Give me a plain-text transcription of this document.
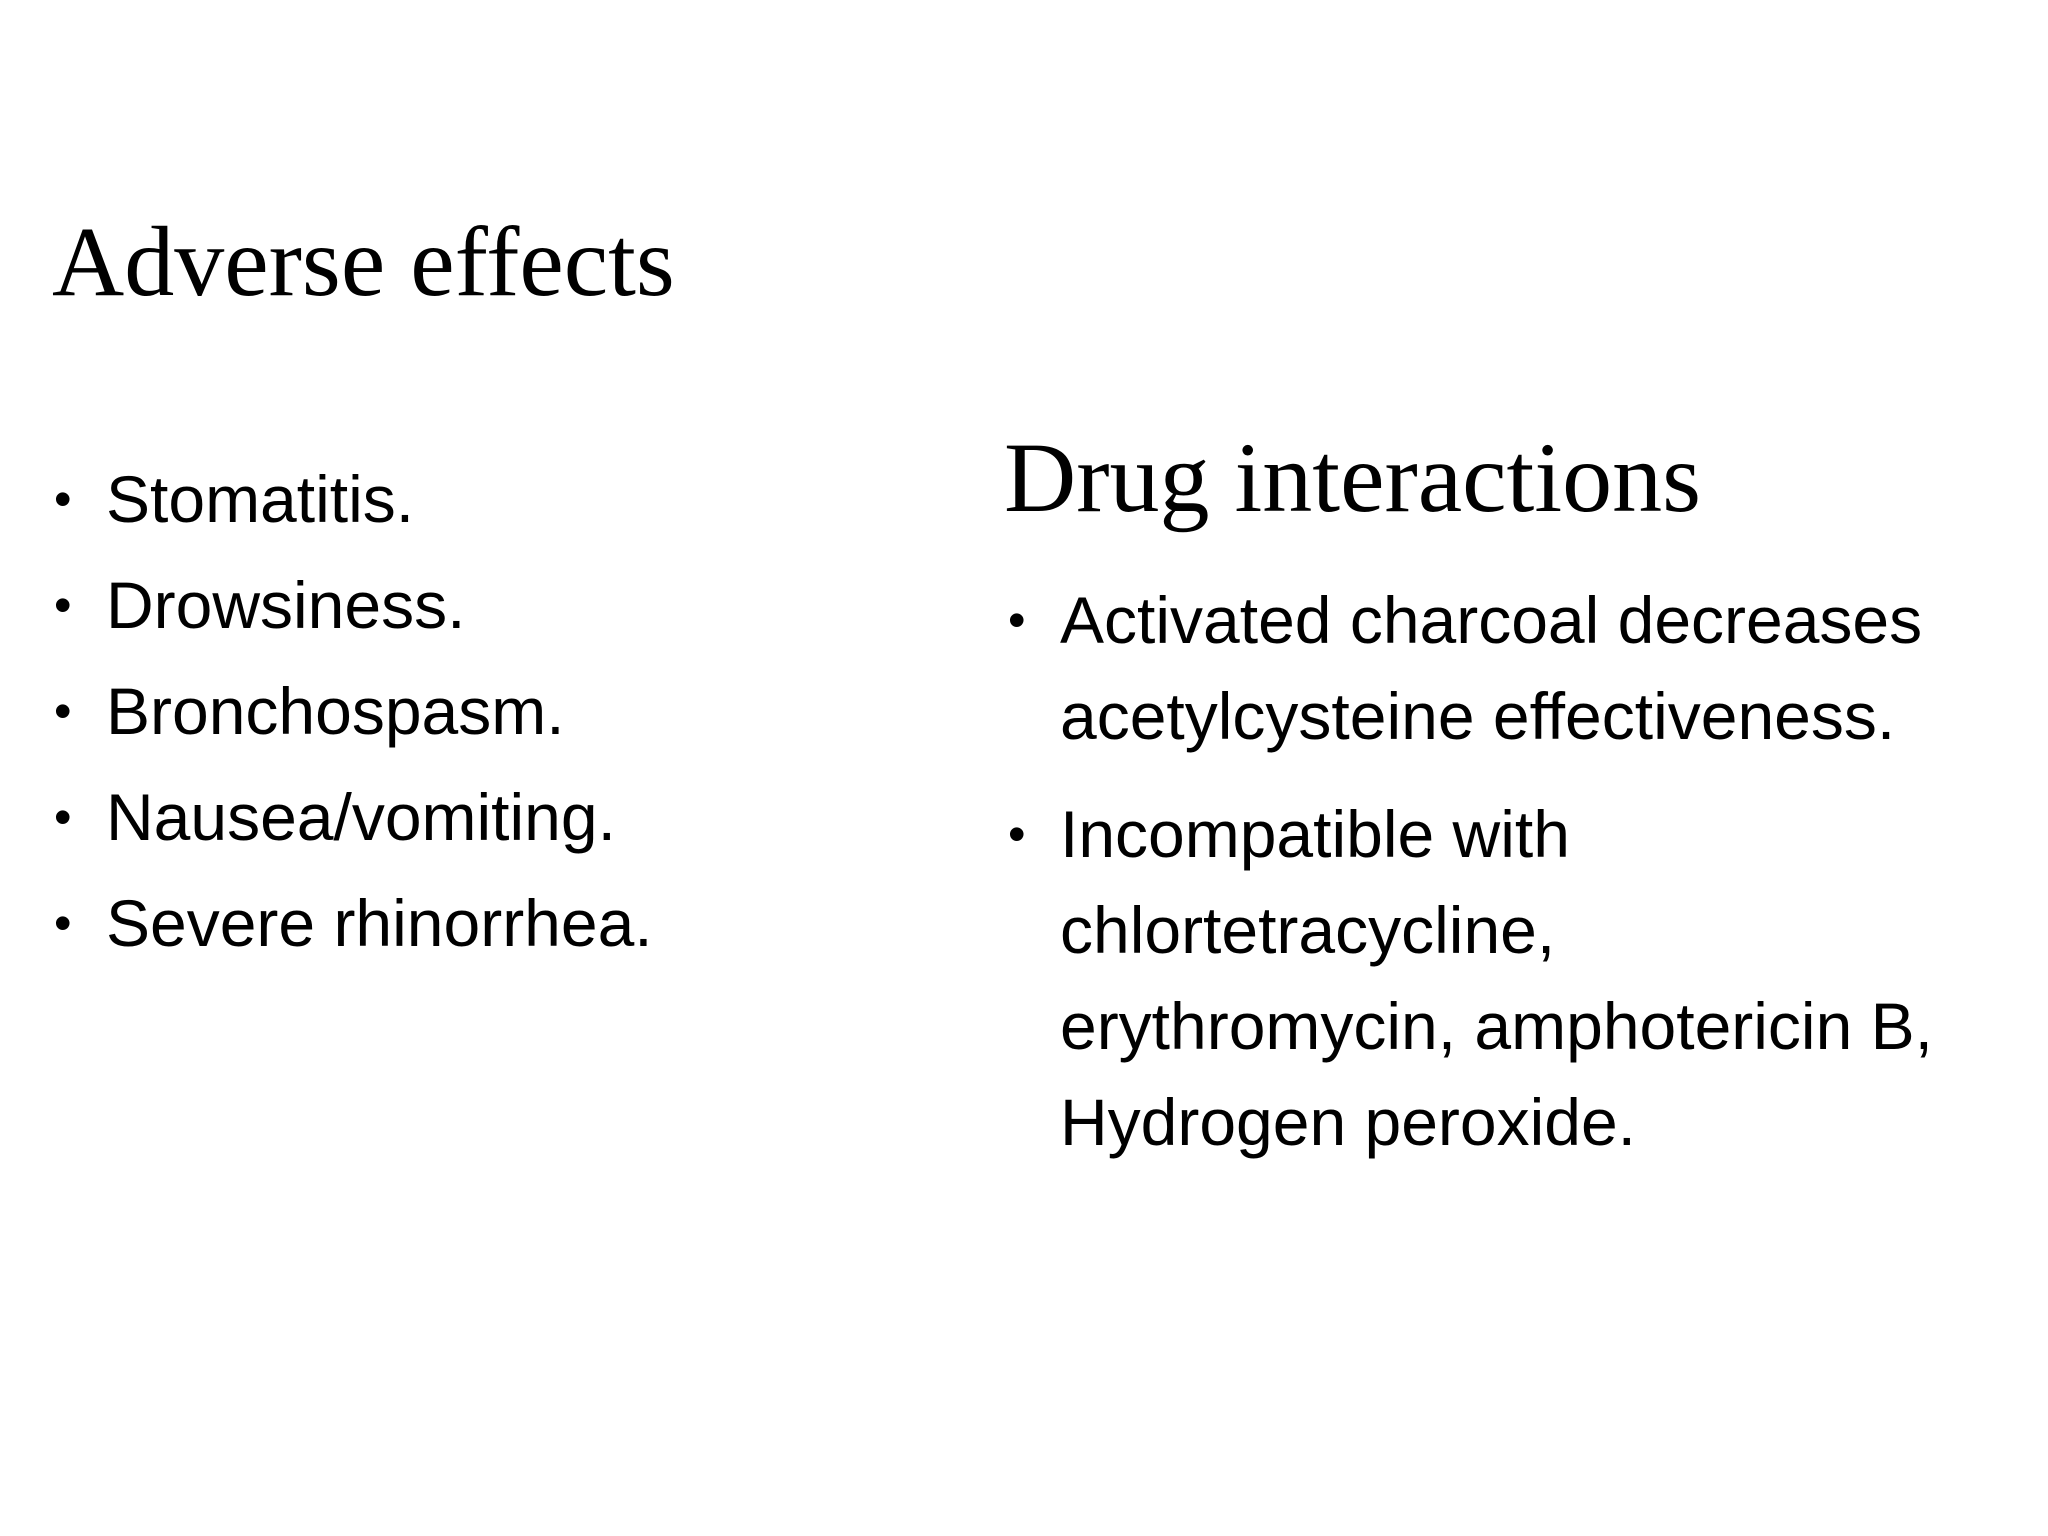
Adverse effects
• Stomatitis.
• Drowsiness.
• Bronchospasm.
• Nausea/vomiting.
• Severe rhinorrhea.
Drug interactions
• Activated charcoal decreases acetylcysteine effectiveness.
• Incompatible with chlortetracycline, erythromycin, amphotericin B, Hydrogen peroxide.
